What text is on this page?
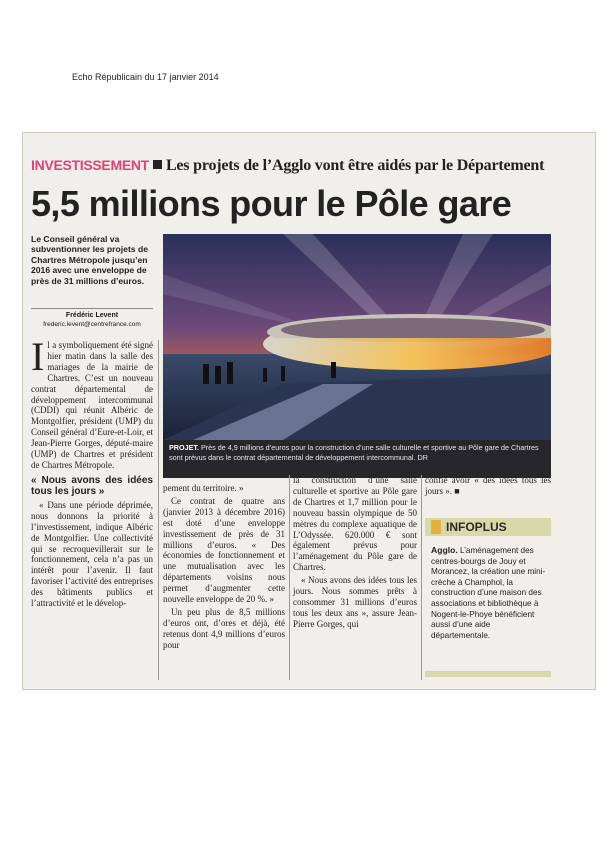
Echo Républicain du 17 janvier 2014
INVESTISSEMENT Les projets de l’Agglo vont être aidés par le Département
5,5 millions pour le Pôle gare
Le Conseil général va subventionner les projets de Chartres Métropole jusqu’en 2016 avec une enveloppe de près de 31 millions d’euros.
Frédéric Levent
frederic.levent@centrefrance.com
PROJET. Près de 4,9 millions d’euros pour la construction d’une salle culturelle et sportive au Pôle gare de Chartres sont prévus dans le contrat départemental de développement intercommunal. DR

Il a symboliquement été signé hier matin dans la salle des mariages de la mairie de Chartres. C’est un nouveau contrat départemental de développement intercommunal (CDDI) qui réunit Albéric de Montgolfier, président (UMP) du Conseil général d’Eure-et-Loir, et Jean-Pierre Gorges, député-maire (UMP) de Chartres et président de Chartres Métropole.

« Nous avons des idées tous les jours »

« Dans une période déprimée, nous donnons la priorité à l’investissement, indique Albéric de Montgolfier. Une collectivité qui se recroquevillerait sur le fonctionnement, cela n’a pas un intérêt pour l’avenir. Il faut favoriser l’activité des entreprises des bâtiments publics et l’attractivité et le dévelop-

pement du territoire. »

Ce contrat de quatre ans (janvier 2013 à décembre 2016) est doté d’une enveloppe investissement de près de 31 millions d’euros. « Des économies de fonctionnement et une mutualisation avec les départements voisins nous permet d’augmenter cette nouvelle enveloppe de 20 %. »

Un peu plus de 8,5 millions d’euros ont, d’ores et déjà, été retenus dont 4,9 millions d’euros pour

la construction d’une salle culturelle et sportive au Pôle gare de Chartres et 1,7 million pour le nouveau bassin olympique de 50 mètres du complexe aquatique de L’Odyssée. 620.000 € sont également prévus pour l’aménagement du Pôle gare de Chartres.

« Nous avons des idées tous les jours. Nous sommes prêts à consommer 31 millions d’euros tous les deux ans », assure Jean-Pierre Gorges, qui

confie avoir « des idées tous les jours ». ■

INFOPLUS
Agglo. L’aménagement des centres-bourgs de Jouy et Morancez, la création une mini-crèche à Champhol, la construction d’une maison des associations et bibliothèque à Nogent-le-Phoye bénéficient aussi d’une aide départementale.
